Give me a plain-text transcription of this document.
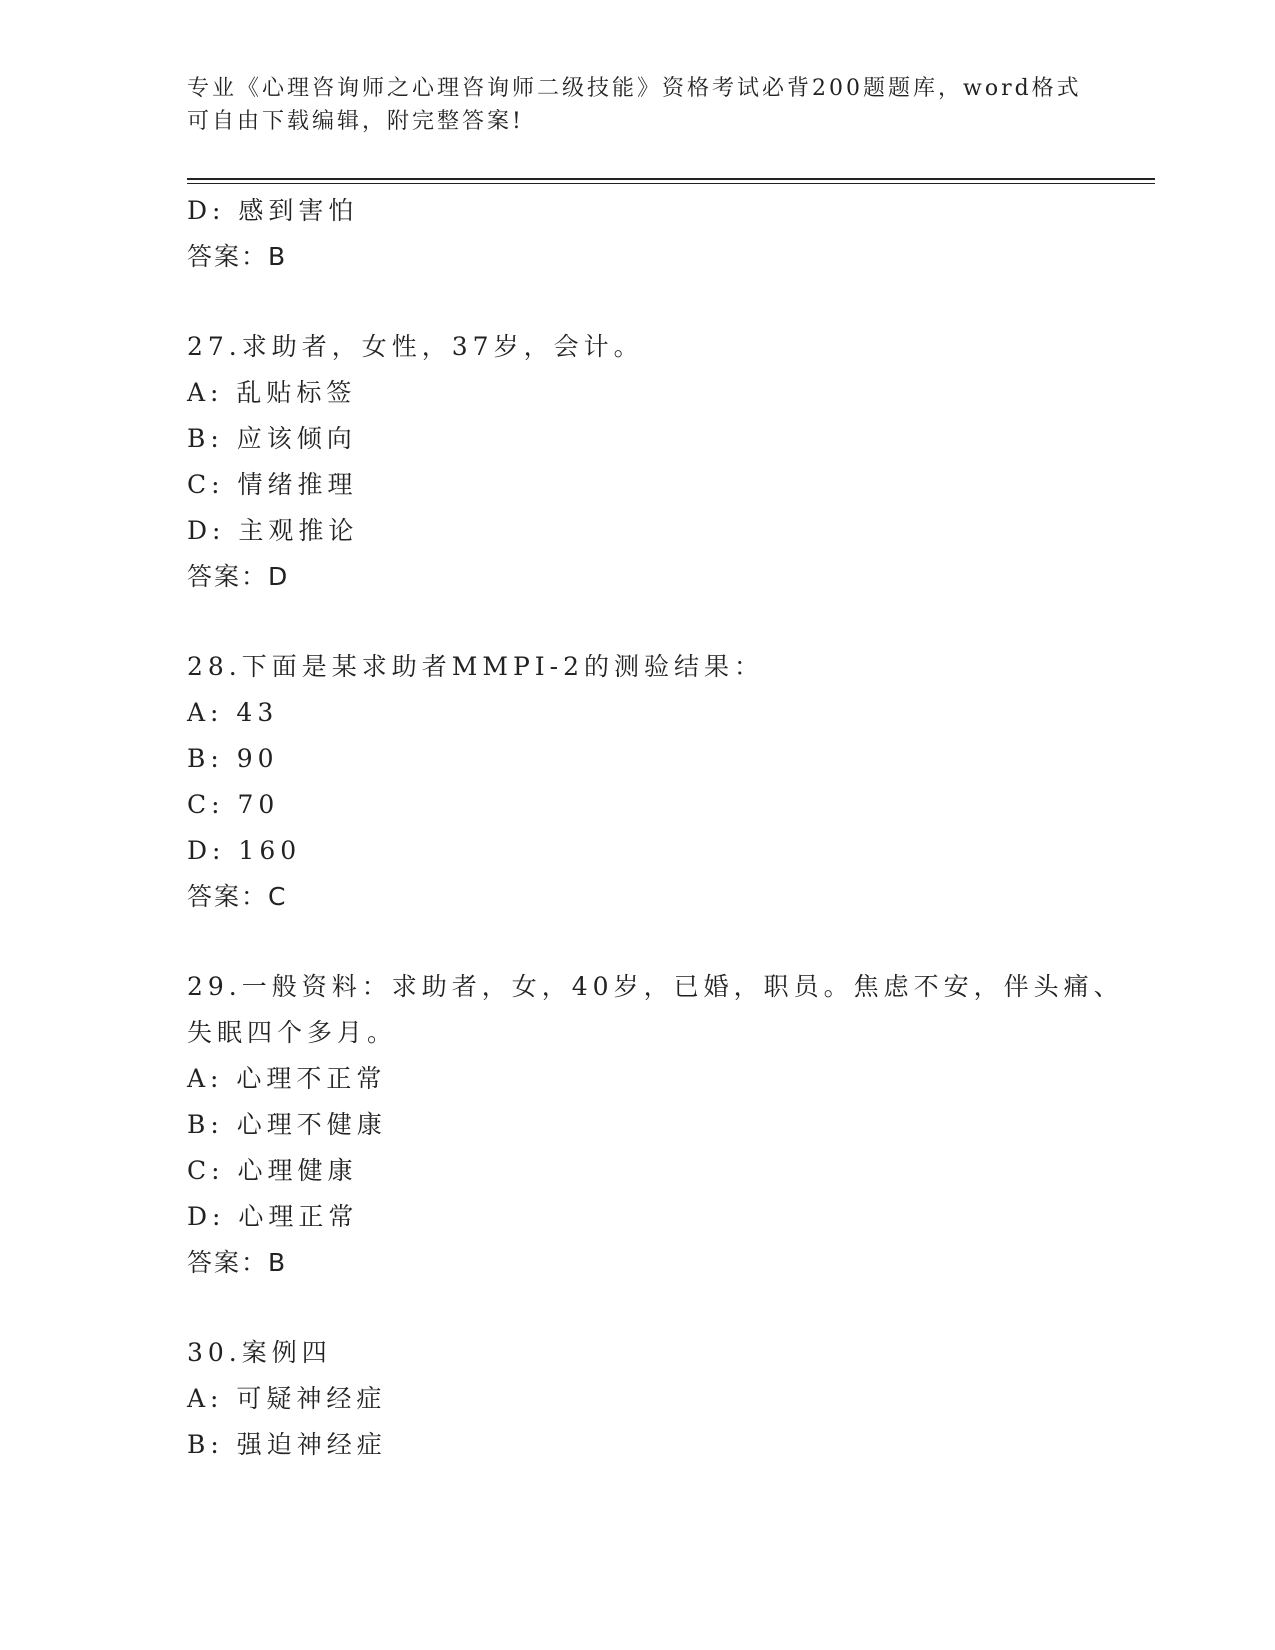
专业《心理咨询师之心理咨询师二级技能》资格考试必背200题题库，word格式
可自由下载编辑，附完整答案!
D: 感到害怕
答案：B
27.求助者，女性，37岁，会计。
A: 乱贴标签
B: 应该倾向
C: 情绪推理
D: 主观推论
答案：D
28.下面是某求助者MMPI-2的测验结果：
A: 43
B: 90
C: 70
D: 160
答案：C
29.一般资料：求助者，女，40岁，已婚，职员。焦虑不安，伴头痛、
失眠四个多月。
A: 心理不正常
B: 心理不健康
C: 心理健康
D: 心理正常
答案：B
30.案例四
A: 可疑神经症
B: 强迫神经症
